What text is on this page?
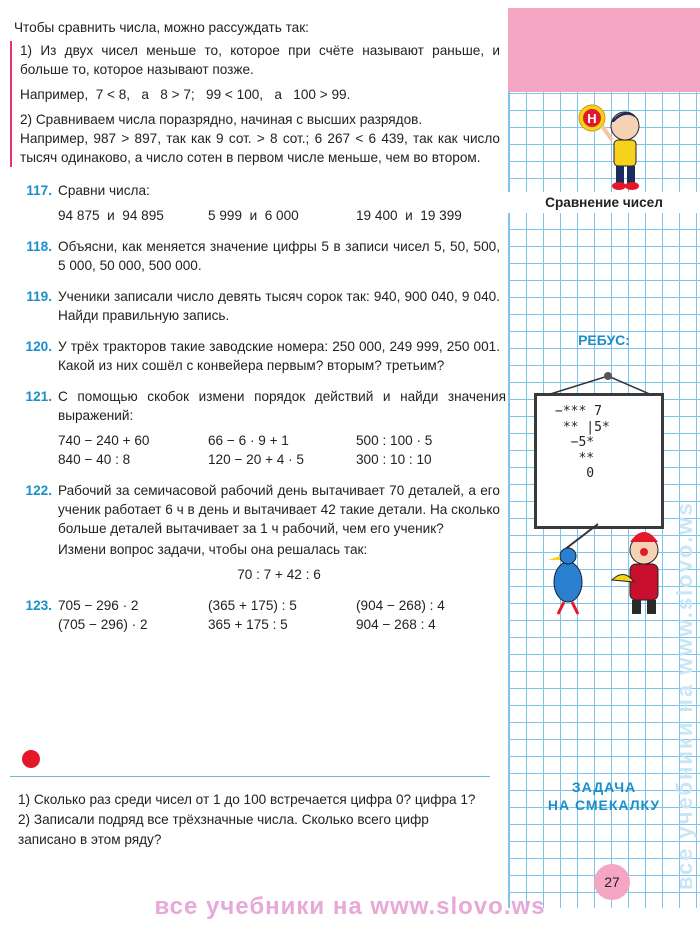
все учебники на www.slovo.ws
Н
Сравнение чисел
РЕБУС:
−*** 7
** |5*
−5*
**
0
ЗАДАЧА
НА СМЕКАЛКУ
27
Чтобы сравнить числа, можно рассуждать так:

1) Из двух чисел меньше то, которое при счёте называют раньше, и больше то, которое называют позже.

Например,  7 < 8,   а   8 > 7;   99 < 100,   а   100 > 99.

2) Сравниваем числа поразрядно, начиная с высших разрядов.

Например, 987 > 897, так как 9 сот. > 8 сот.; 6 267 < 6 439, так как число тысяч одинаково, а число сотен в первом числе меньше, чем во втором.

117. Сравни числа:

94 875  и  94 895	5 999  и  6 000	19 400  и  19 399
118. Объясни, как меняется значение цифры 5 в записи чисел 5, 50, 500, 5 000, 50 000, 500 000.

119. Ученики записали число девять тысяч сорок так: 940, 900 040, 9 040. Найди правильную запись.

120. У трёх тракторов такие заводские номера: 250 000, 249 999, 250 001. Какой из них сошёл с конвейера первым? вторым? третьим?

121. С помощью скобок измени порядок действий и найди значения выражений:

740 − 240 + 60	66 − 6 · 9 + 1	500 : 100 · 5
840 − 40 : 8	120 − 20 + 4 · 5	300 : 10 : 10
122. Рабочий за семичасовой рабочий день вытачивает 70 деталей, а его ученик работает 6 ч в день и вытачивает 42 такие детали. На сколько больше деталей вытачивает за 1 ч рабочий, чем его ученик?

Измени вопрос задачи, чтобы она решалась так:

70 : 7 + 42 : 6
123. 705 − 296 · 2	(365 + 175) : 5	(904 − 268) : 4
(705 − 296) · 2	365 + 175 : 5	904 − 268 : 4

1) Сколько раз среди чисел от 1 до 100 встречается цифра 0? цифра 1?

2) Записали подряд все трёхзначные числа. Сколько всего цифр записано в этом ряду?

все учебники на www.slovo.ws
